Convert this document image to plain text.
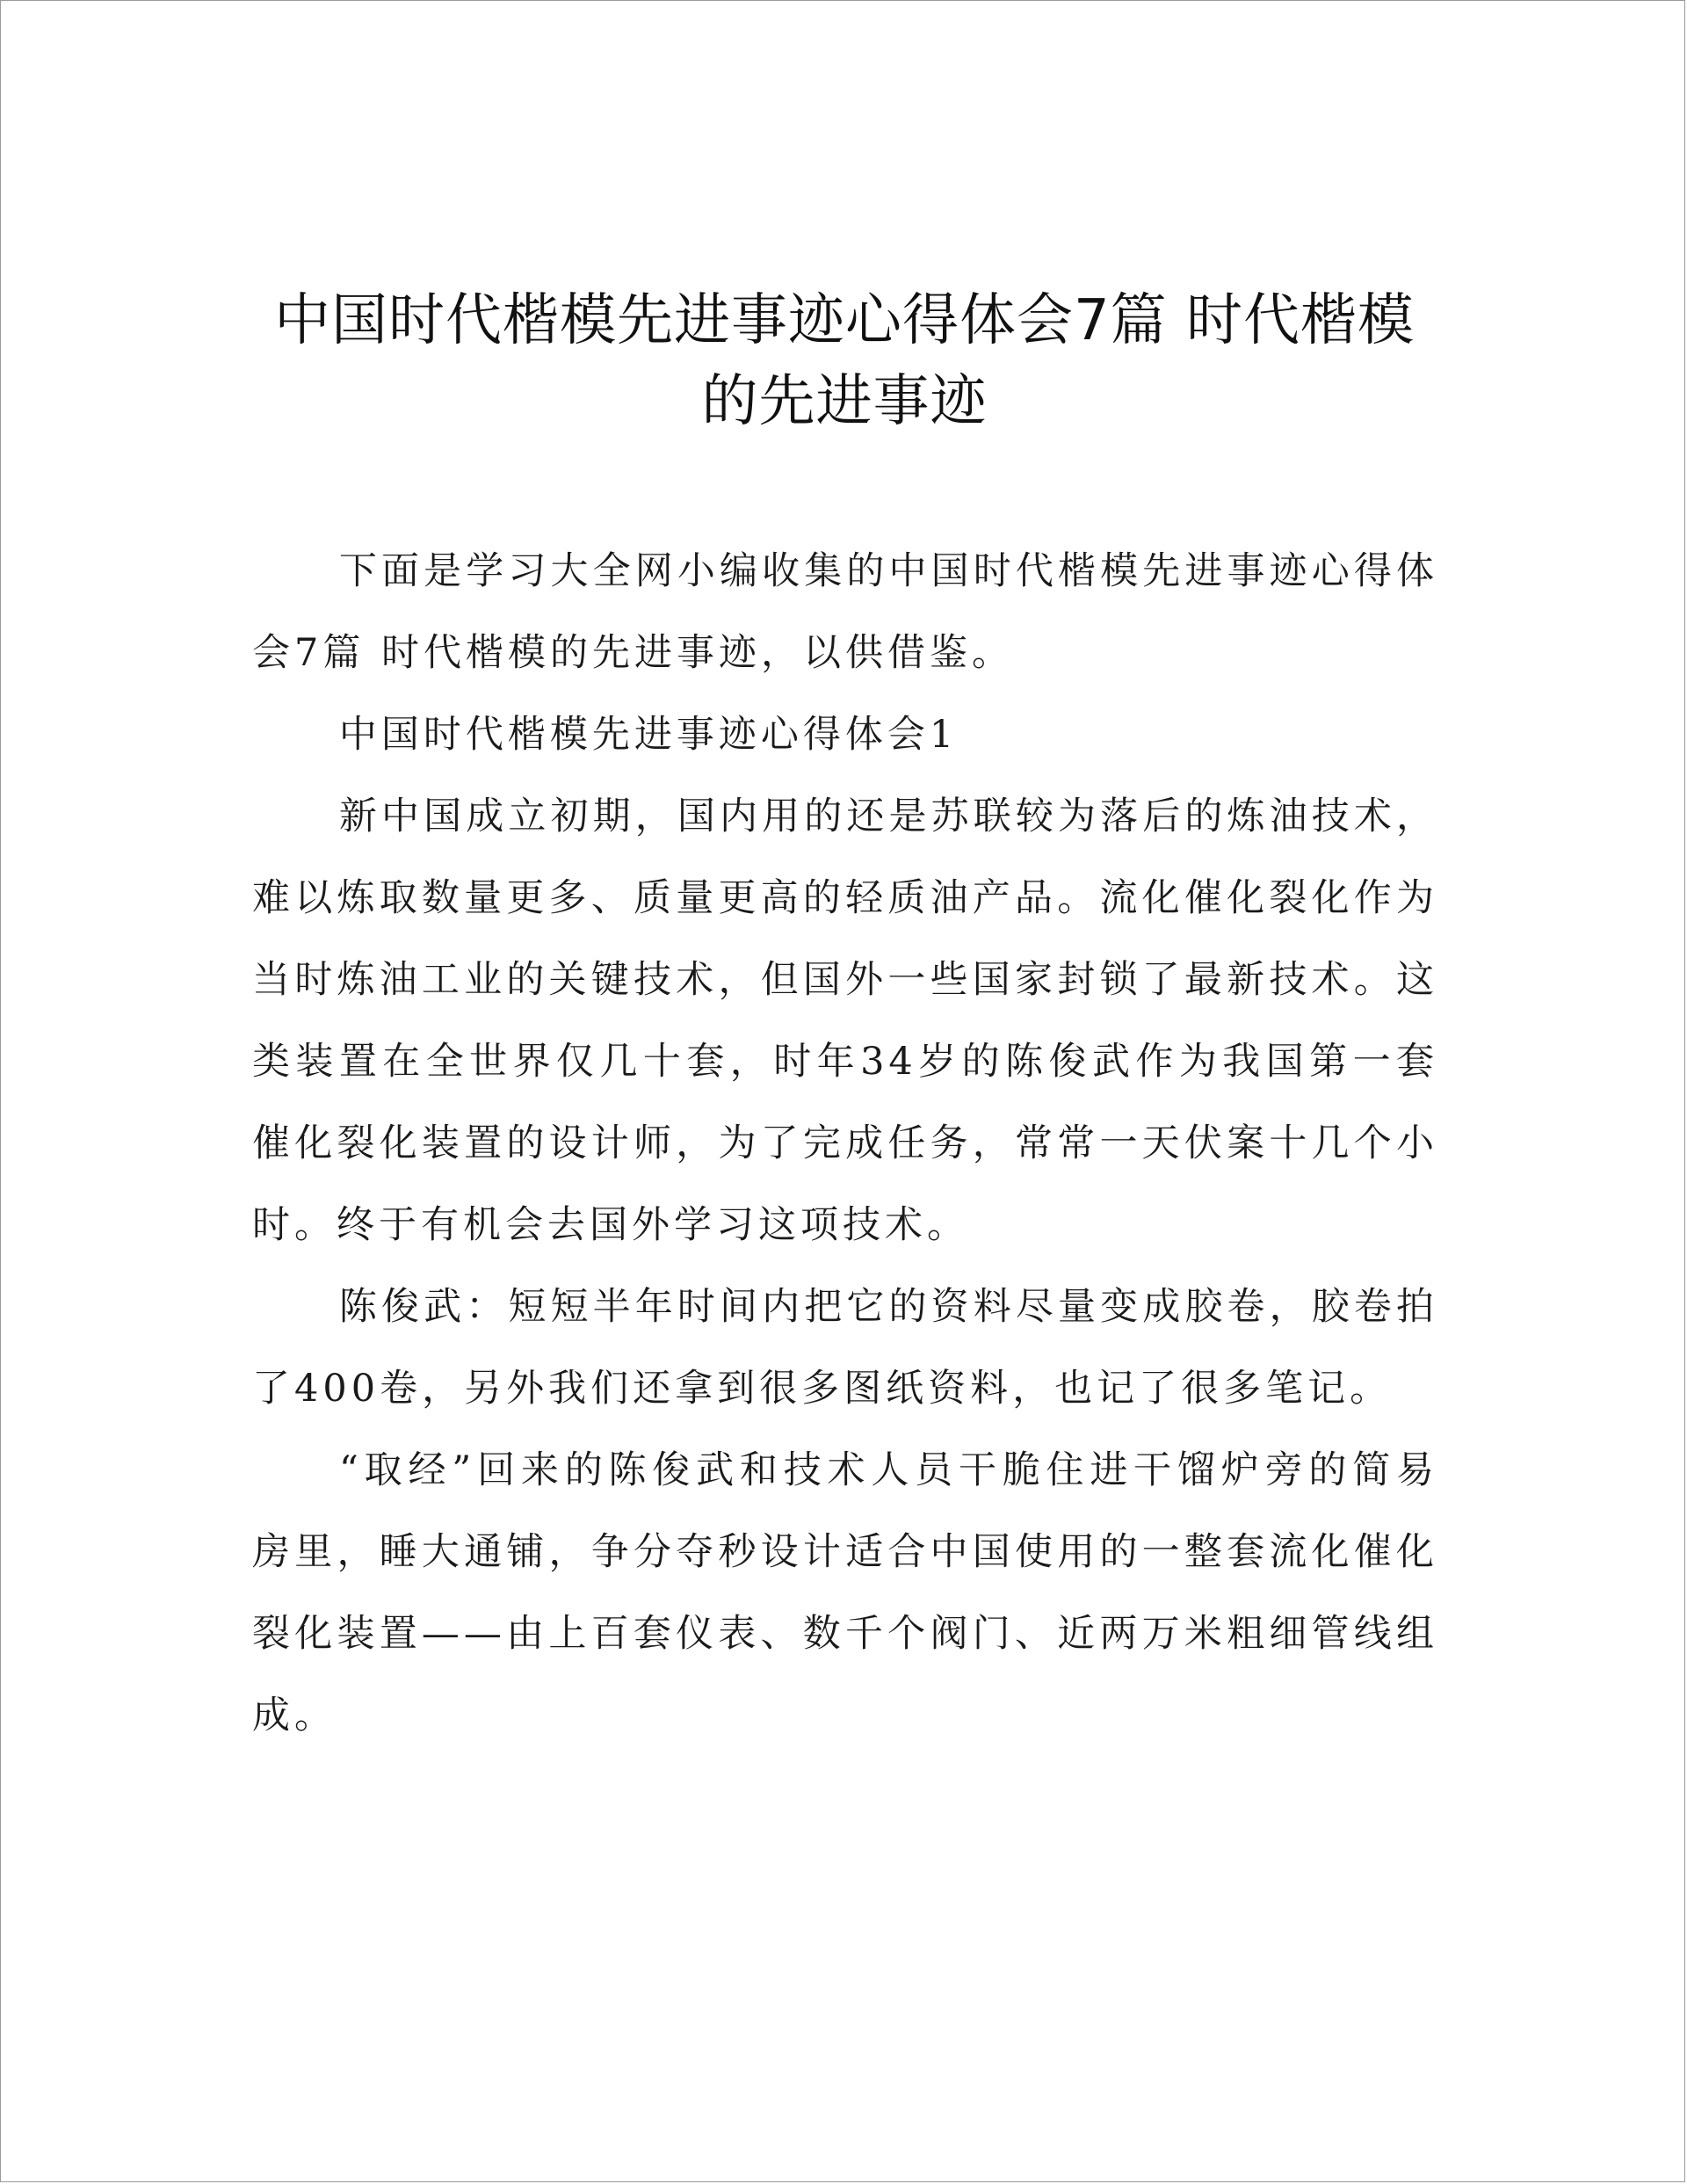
中国时代楷模先进事迹心得体会7篇 时代楷模的先进事迹

下面是学习大全网小编收集的中国时代楷模先进事迹心得体会7篇 时代楷模的先进事迹，以供借鉴。

中国时代楷模先进事迹心得体会1

新中国成立初期，国内用的还是苏联较为落后的炼油技术，难以炼取数量更多、质量更高的轻质油产品。流化催化裂化作为当时炼油工业的关键技术，但国外一些国家封锁了最新技术。这类装置在全世界仅几十套，时年34岁的陈俊武作为我国第一套催化裂化装置的设计师，为了完成任务，常常一天伏案十几个小时。终于有机会去国外学习这项技术。

陈俊武：短短半年时间内把它的资料尽量变成胶卷，胶卷拍了400卷，另外我们还拿到很多图纸资料，也记了很多笔记。

“取经”回来的陈俊武和技术人员干脆住进干馏炉旁的简易房里，睡大通铺，争分夺秒设计适合中国使用的一整套流化催化裂化装置——由上百套仪表、数千个阀门、近两万米粗细管线组成。
